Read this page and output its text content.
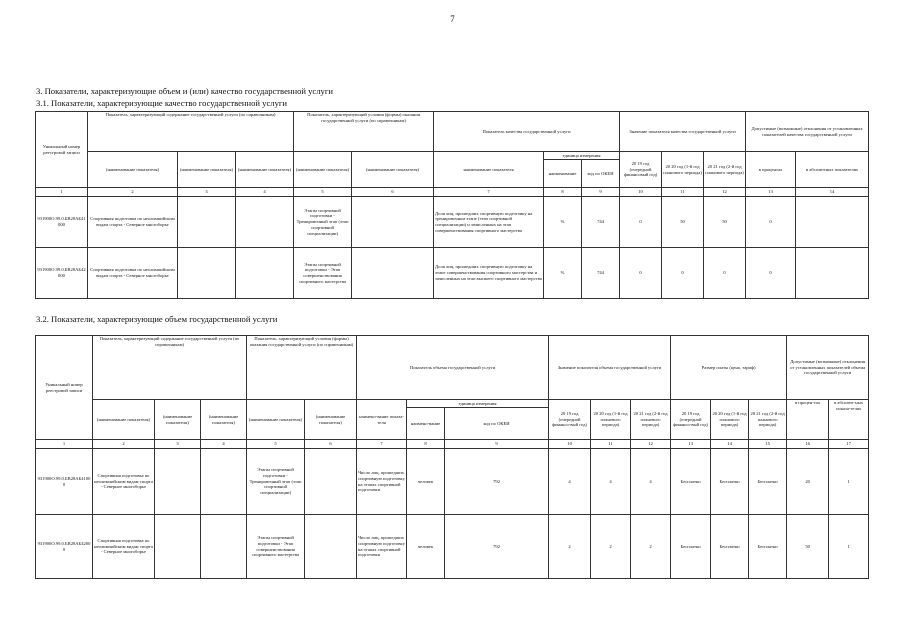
7
3. Показатели, характеризующие объем и (или) качество государственной услуги
3.1. Показатели, характеризующие качество государственной услуги
Уникальный номер реестровой записи	Показатель, характеризующий содержание государственной услуги (по справочникам)			Показатель, характеризующий условия (формы) оказания государственной услуги (по справочникам)		Показатель качества государственной услуги			Значение показателя качества государственной услуги			Допустимые (возможные) отклонения от установленных показателей качества государственной услуги	
	(наименование показателя)	(наименование показателя)	(наименование показателя)	(наименование показателя)	(наименование показателя)	наименование показателя	единица измерения		20 19 год (очередной финансовый год)	20 20 год (1-й год планового периода)	20 21 год (2-й год планового периода)	в процентах	в абсолютных показателях
							наименование	код по ОКЕИ					
1	2	3	4	5	6	7	8	9	10	11	12	13	14
931900О.99.0.БВ28АБ41000	Спортивная подготовка по неолимпийским видам спорта - Северное многоборье			Этапы спортивной подготовки - Тренировочный этап (этап спортивной специализации)		Доля лиц, прошедших спортивную подготовку на тренировочном этапе (этап спортивной специализации) и зачисленных на этап совершенствования спортивного мастерства	%	744	0	50	50	0	
931900О.99.0.БВ28АБ42000	Спортивная подготовка по неолимпийским видам спорта - Северное многоборье			Этапы спортивной подготовки - Этап совершенствования спортивного мастерства		Доля лиц, прошедших спортивную подготовку на этапе совершенствования спортивного мастерства и зачисленных на этап высшего спортивного мастерства	%	744	0	0	0	0	
3.2. Показатели, характеризующие объем государственной услуги
Уникальный номер реестровой записи	Показатель, характеризующий содержание государственной услуги (по справочникам)			Показатель, характеризующий условия (формы) оказания государственной услуги (по справочникам)		Показатель объема государственной услуги			Значение показателя объема государственной услуги			Размер платы (цена, тариф)			Допустимые (возможные) отклонения от установленных показателей объема государственной услуги	
	(наименование показателя)	(наименование показателя)	(наименование показателя)	(наименование показателя)	(наименование показателя)	наимено-вание показа-теля	единица измерения		20 19 год (очередной финансо-вый год)	20 20 год (1-й год планового периода)	20 21 год (2-й год планового периода)	20 19 год (очередной финансо-вый год)	20 20 год (1-й год планового периода)	20 21 год (2-й год планового периода)	в процен-тах	в абсолют-ных показа-телях
							наимено-вание	код по ОКЕИ								
1	2	3	4	5	6	7	8	9	10	11	12	13	14	15	16	17
931900О.99.0.БВ28АБ41000	Спортивная подготовка по неолимпийским видам спорта - Северное многоборье			Этапы спортивной подготовки - Тренировочный этап (этап спортивной специализации)		Число лиц, прошедших спортивную подготовку на этапах спортивной подготовки	человек	792	4	4	4	Бесплатно	Бесплатно	Бесплатно	20	1
931900О.99.0.БВ28АБ42000	Спортивная подготовка по неолимпийским видам спорта - Северное многоборье			Этапы спортивной подготовки - Этап совершенствования спортивного мастерства		Число лиц, прошедших спортивную подготовку на этапах спортивной подготовки	человек	792	2	2	2	Бесплатно	Бесплатно	Бесплатно	50	1
